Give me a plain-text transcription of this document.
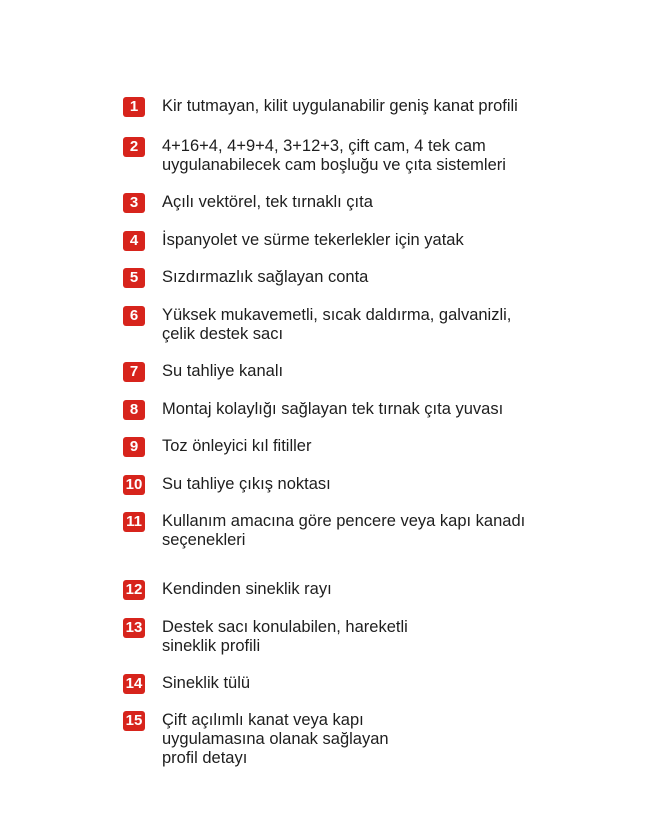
1	Kir tutmayan, kilit uygulanabilir geniş kanat profili
2	4+16+4, 4+9+4, 3+12+3, çift cam, 4 tek cam
uygulanabilecek cam boşluğu ve çıta sistemleri
3	Açılı vektörel, tek tırnaklı çıta
4	İspanyolet ve sürme tekerlekler için yatak
5	Sızdırmazlık sağlayan conta
6	Yüksek mukavemetli, sıcak daldırma, galvanizli,
çelik destek sacı
7	Su tahliye kanalı
8	Montaj kolaylığı sağlayan tek tırnak çıta yuvası
9	Toz önleyici kıl fitiller
10 Su tahliye çıkış noktası
11 Kullanım amacına göre pencere veya kapı kanadı
seçenekleri
12 Kendinden sineklik rayı
13 Destek sacı konulabilen, hareketli
sineklik profili
14 Sineklik tülü
15 Çift açılımlı kanat veya kapı
uygulamasına olanak sağlayan
profil detayı
